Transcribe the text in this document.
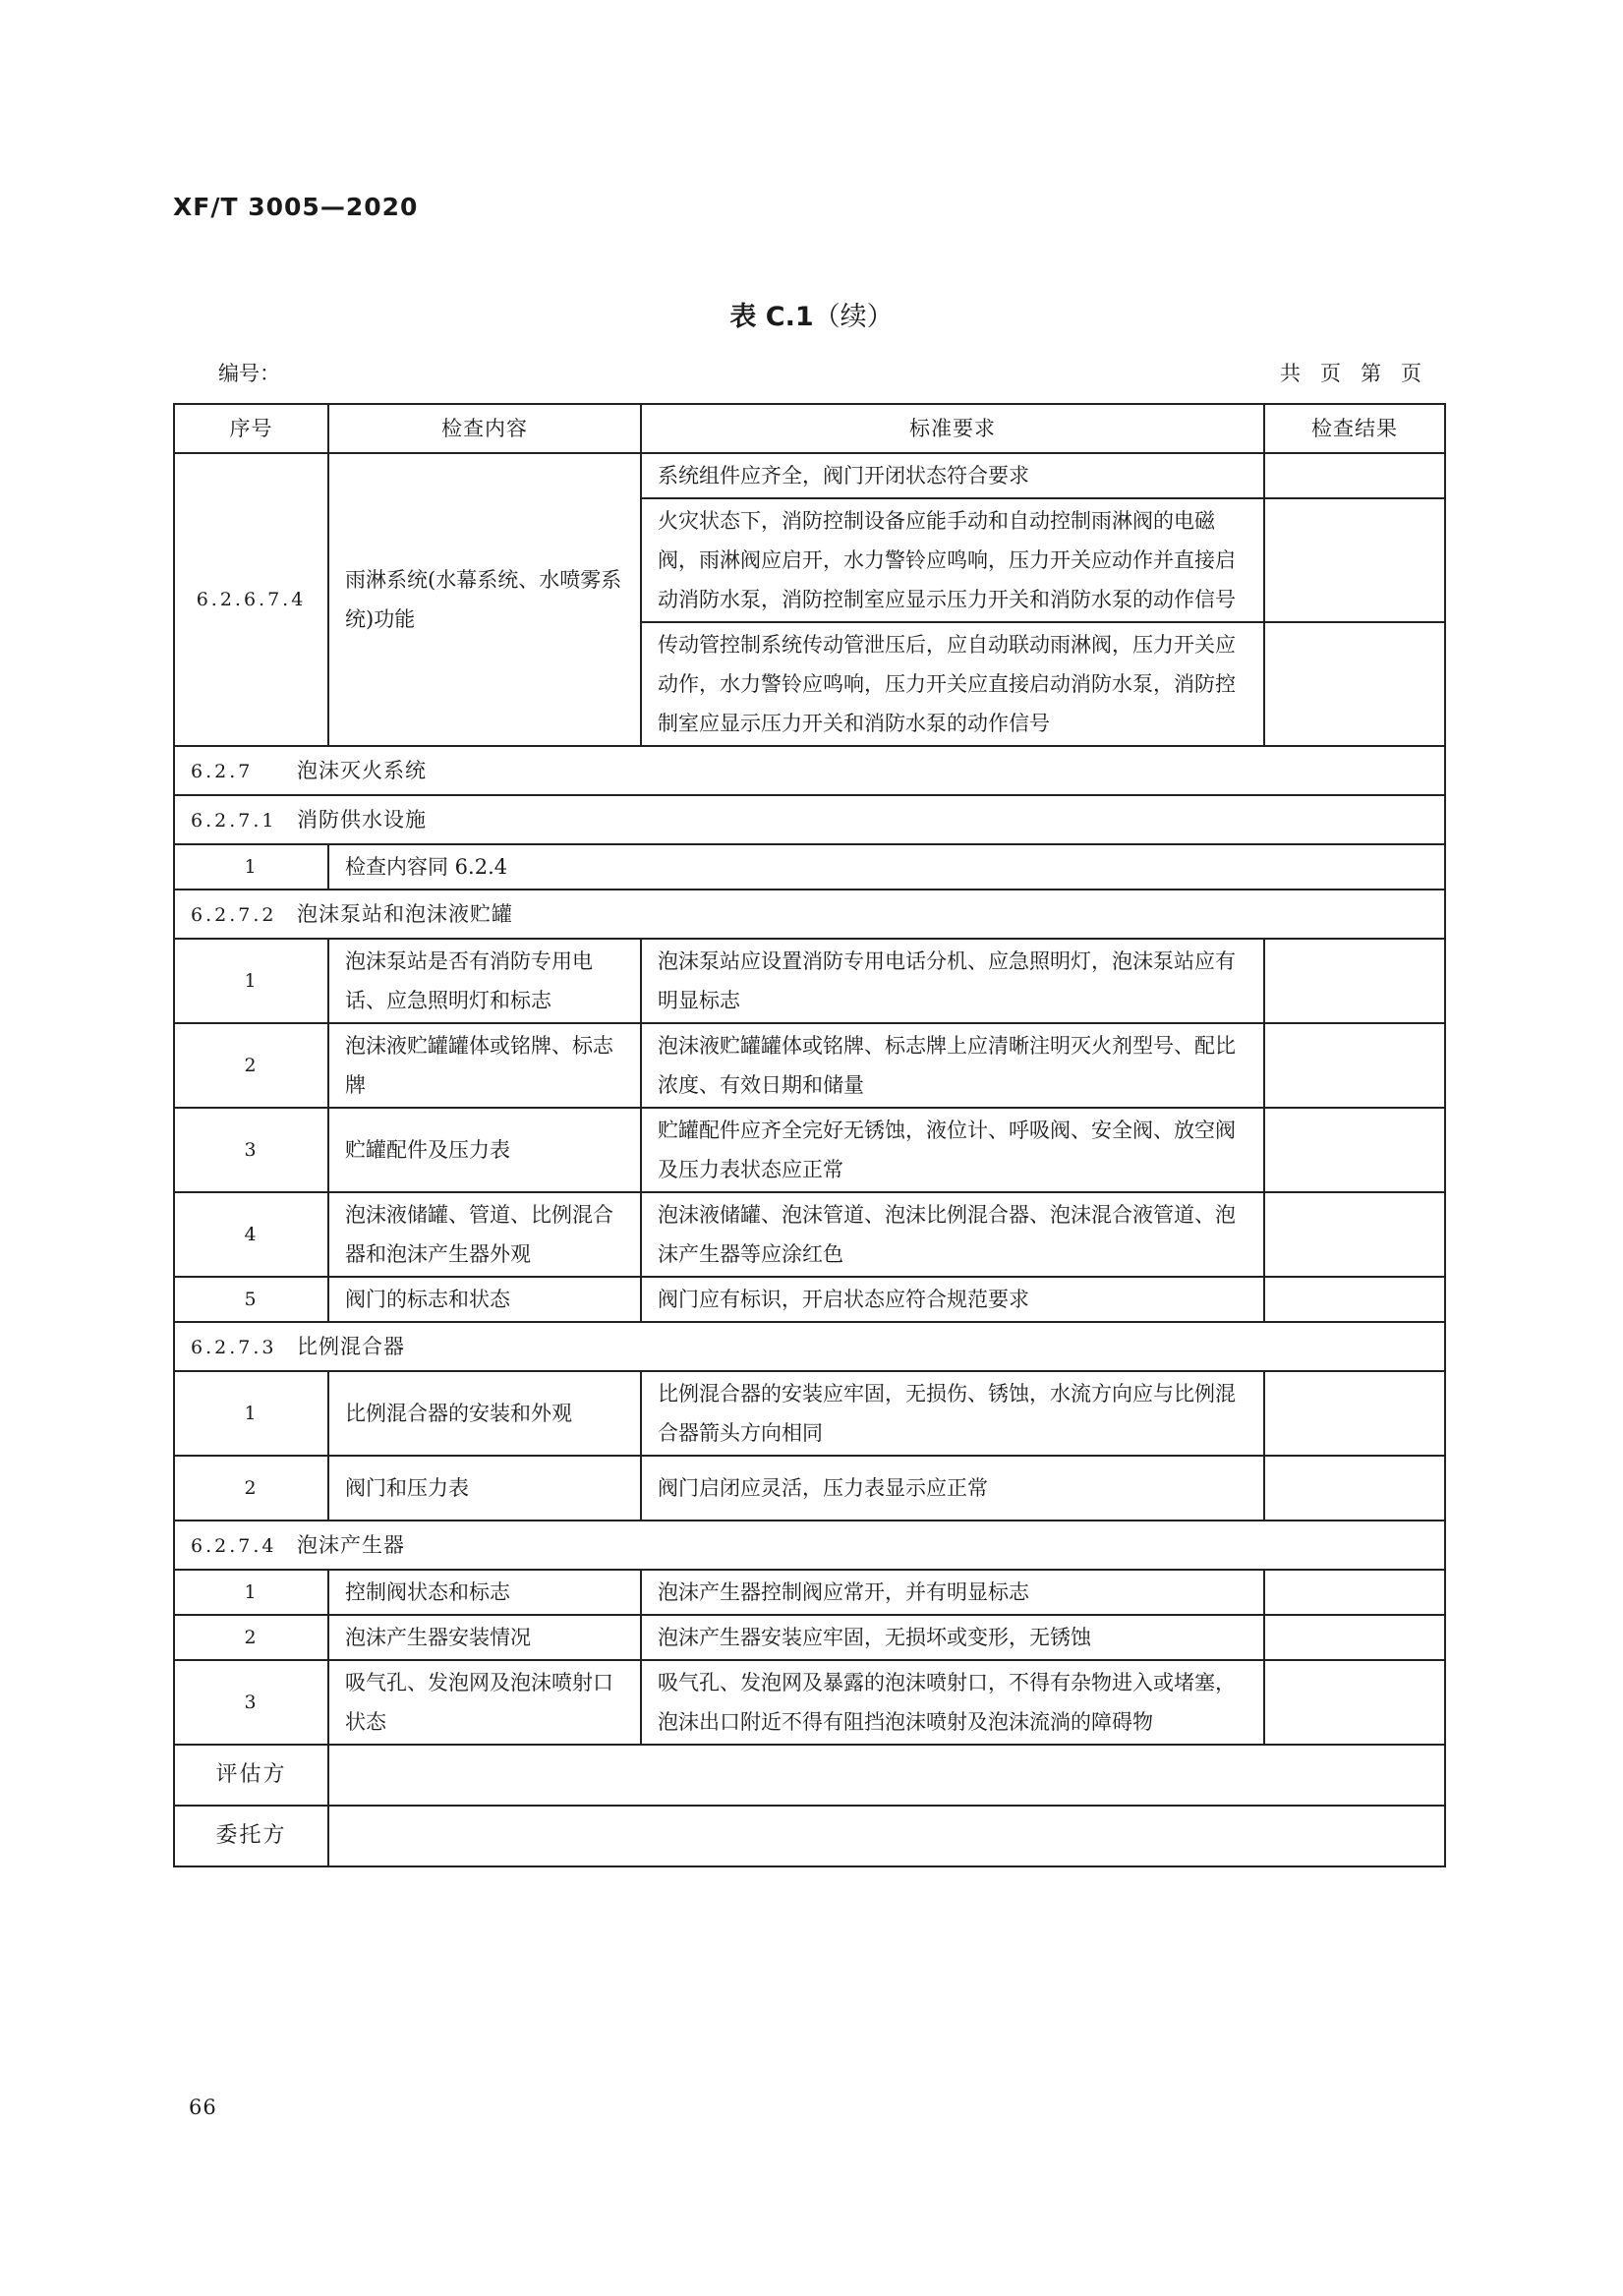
XF/T 3005—2020
表 C.1（续）
编号：	共页第页
序号	检查内容	标准要求	检查结果
6.2.6.7.4	雨淋系统(水幕系统、水喷雾系统)功能	系统组件应齐全，阀门开闭状态符合要求	
		火灾状态下，消防控制设备应能手动和自动控制雨淋阀的电磁阀，雨淋阀应启开，水力警铃应鸣响，压力开关应动作并直接启动消防水泵，消防控制室应显示压力开关和消防水泵的动作信号	
		传动管控制系统传动管泄压后，应自动联动雨淋阀，压力开关应动作，水力警铃应鸣响，压力开关应直接启动消防水泵，消防控制室应显示压力开关和消防水泵的动作信号	
6.2.7 泡沫灭火系统			
6.2.7.1 消防供水设施			
1	检查内容同 6.2.4		
6.2.7.2 泡沫泵站和泡沫液贮罐			
1	泡沫泵站是否有消防专用电话、应急照明灯和标志	泡沫泵站应设置消防专用电话分机、应急照明灯，泡沫泵站应有明显标志	
2	泡沫液贮罐罐体或铭牌、标志牌	泡沫液贮罐罐体或铭牌、标志牌上应清晰注明灭火剂型号、配比浓度、有效日期和储量	
3	贮罐配件及压力表	贮罐配件应齐全完好无锈蚀，液位计、呼吸阀、安全阀、放空阀及压力表状态应正常	
4	泡沫液储罐、管道、比例混合器和泡沫产生器外观	泡沫液储罐、泡沫管道、泡沫比例混合器、泡沫混合液管道、泡沫产生器等应涂红色	
5	阀门的标志和状态	阀门应有标识，开启状态应符合规范要求	
6.2.7.3 比例混合器			
1	比例混合器的安装和外观	比例混合器的安装应牢固，无损伤、锈蚀，水流方向应与比例混合器箭头方向相同	
2	阀门和压力表	阀门启闭应灵活，压力表显示应正常	
6.2.7.4 泡沫产生器			
1	控制阀状态和标志	泡沫产生器控制阀应常开，并有明显标志	
2	泡沫产生器安装情况	泡沫产生器安装应牢固，无损坏或变形，无锈蚀	
3	吸气孔、发泡网及泡沫喷射口状态	吸气孔、发泡网及暴露的泡沫喷射口，不得有杂物进入或堵塞，泡沫出口附近不得有阻挡泡沫喷射及泡沫流淌的障碍物	
评估方			
委托方			
66
